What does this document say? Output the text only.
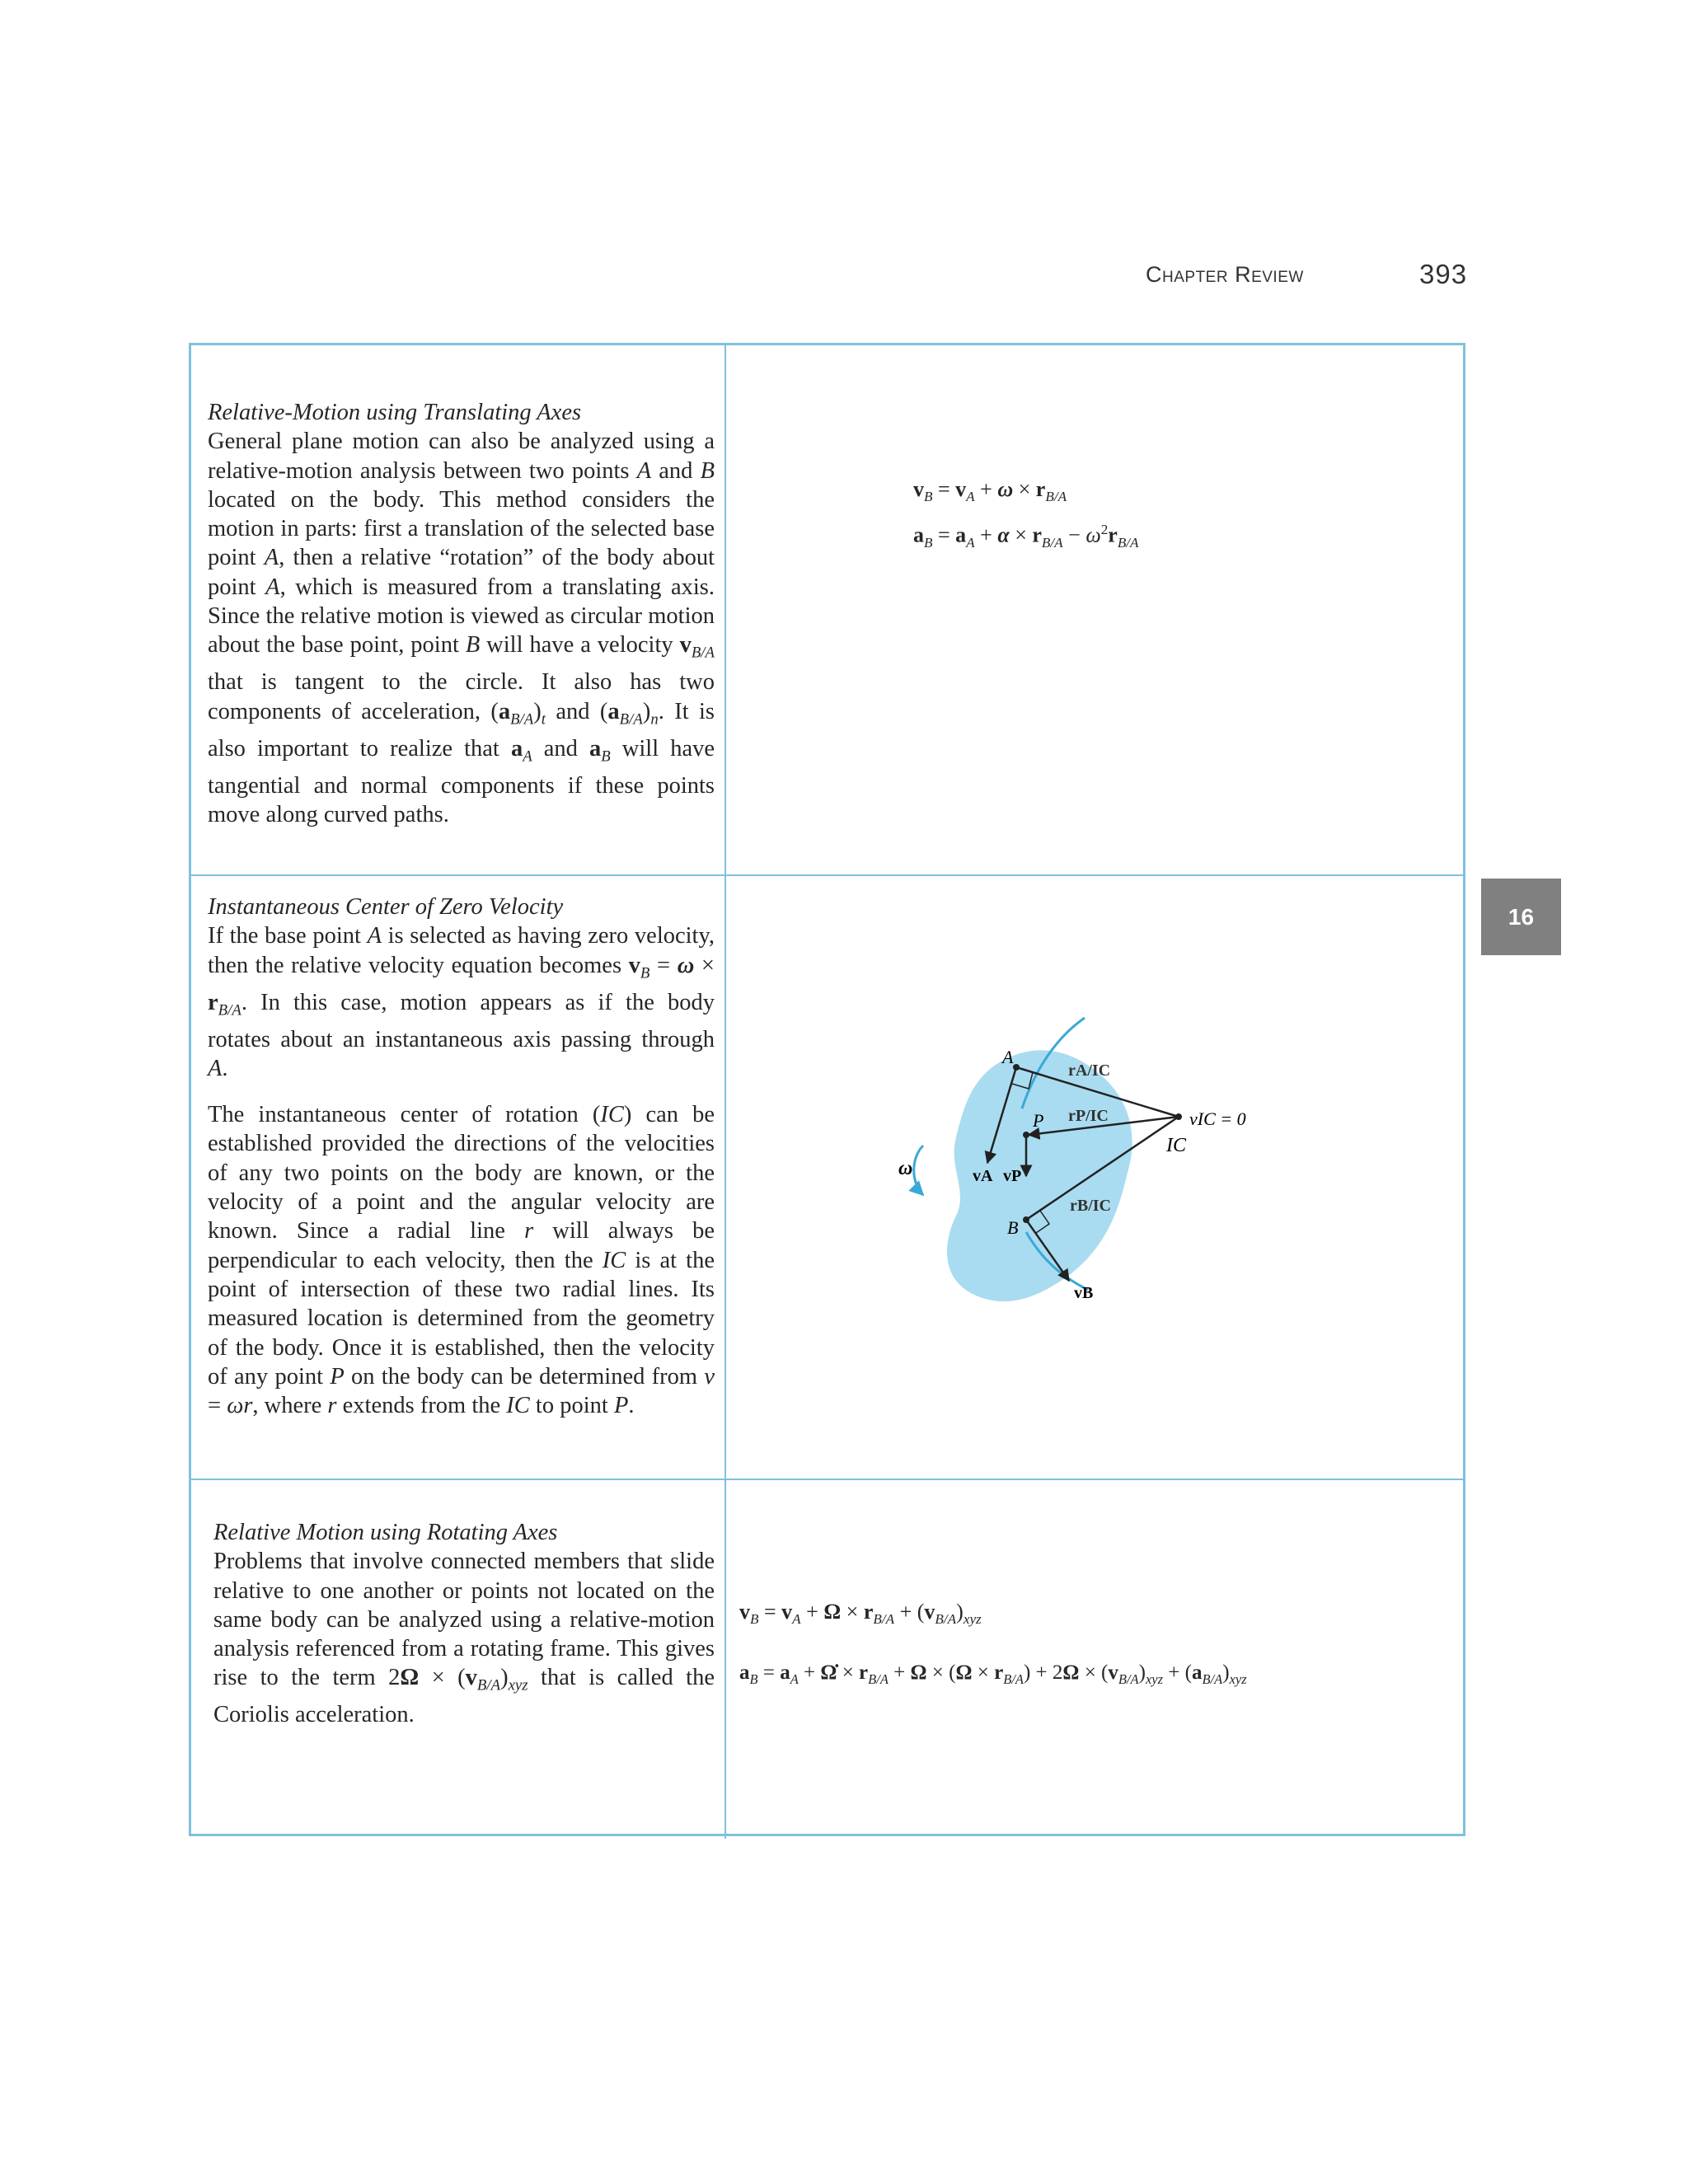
Chapter Review	393
16
Relative-Motion using Translating Axes

General plane motion can also be analyzed using a relative-motion analysis between two points A and B located on the body. This method considers the motion in parts: first a translation of the selected base point A, then a relative “rotation” of the body about point A, which is measured from a translating axis. Since the relative motion is viewed as circular motion about the base point, point B will have a velocity $v_{B/A}$ that is tangent to the circle. It also has two components of acceleration, $(a_{B/A})_t$ and $(a_{B/A})_n$. It is also important to realize that $a_A$ and $a_B$ will have tangential and normal components if these points move along curved paths.

$v_B = v_A + \omega \times r_{B/A}$
$a_B = a_A + \alpha \times r_{B/A} - \omega^2r_{B/A}$
Instantaneous Center of Zero Velocity

If the base point A is selected as having zero velocity, then the relative velocity equation becomes $v_B = \omega \times r_{B/A}$. In this case, motion appears as if the body rotates about an instantaneous axis passing through A.

The instantaneous center of rotation (IC) can be established provided the directions of the velocities of any two points on the body are known, or the velocity of a point and the angular velocity are known. Since a radial line r will always be perpendicular to each velocity, then the IC is at the point of intersection of these two radial lines. Its measured location is determined from the geometry of the body. Once it is established, then the velocity of any point P on the body can be determined from v = ωr, where r extends from the IC to point P.

Relative Motion using Rotating Axes

Problems that involve connected members that slide relative to one another or points not located on the same body can be analyzed using a relative-motion analysis referenced from a rotating frame. This gives rise to the term $2\Omega \times (v_{B/A})_{xyz}$ that is called the Coriolis acceleration.

$v_B = v_A + \Omega \times r_{B/A} + (v_{B/A})_{xyz}$
$a_B = a_A$ + Ω̇ × $r_{B/A} + \Omega \times (\Omega \times r_{B/A}) + 2\Omega \times (v_{B/A})_{xyz} + (a_{B/A})_{xyz}$
ω
A
P
B
IC
rA/IC
rP/IC
rB/IC
vA vP
vB
vIC = 0
